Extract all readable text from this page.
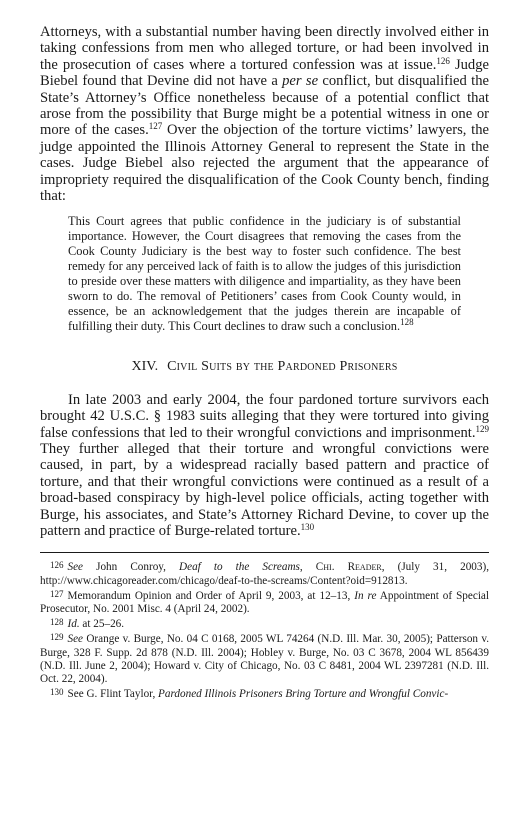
Attorneys, with a substantial number having been directly involved either in taking confessions from men who alleged torture, or had been involved in the prosecution of cases where a tortured confession was at issue.$^{126}$ Judge Biebel found that Devine did not have a per se conflict, but disqualified the State’s Attorney’s Office nonetheless because of a potential conflict that arose from the possibility that Burge might be a potential witness in one or more of the cases.$^{127}$ Over the objection of the torture victims’ lawyers, the judge appointed the Illinois Attorney General to represent the State in the cases. Judge Biebel also rejected the argument that the appearance of impropriety required the disqualification of the Cook County bench, finding that:

This Court agrees that public confidence in the judiciary is of substantial importance. However, the Court disagrees that removing the cases from the Cook County Judiciary is the best way to foster such confidence. The best remedy for any perceived lack of faith is to allow the judges of this jurisdiction to preside over these matters with diligence and impartiality, as they have been sworn to do. The removal of Petitioners’ cases from Cook County would, in essence, be an acknowledgement that the judges therein are incapable of fulfilling their duty. This Court declines to draw such a conclusion.$^{128}$

XIV. Civil Suits by the Pardoned Prisoners

In late 2003 and early 2004, the four pardoned torture survivors each brought 42 U.S.C. § 1983 suits alleging that they were tortured into giving false confessions that led to their wrongful convictions and imprisonment.$^{129}$ They further alleged that their torture and wrongful convictions were caused, in part, by a widespread racially based pattern and practice of torture, and that their wrongful convictions were continued as a result of a broad-based conspiracy by high-level police officials, acting together with Burge, his associates, and State’s Attorney Richard Devine, to cover up the pattern and practice of Burge-related torture.$^{130}$

126 See John Conroy, Deaf to the Screams, Chi. Reader, (July 31, 2003), http://www.chicagoreader.com/chicago/deaf-to-the-screams/Content?oid=912813.

127 Memorandum Opinion and Order of April 9, 2003, at 12–13, In re Appointment of Special Prosecutor, No. 2001 Misc. 4 (April 24, 2002).

128 Id. at 25–26.

129 See Orange v. Burge, No. 04 C 0168, 2005 WL 74264 (N.D. Ill. Mar. 30, 2005); Patterson v. Burge, 328 F. Supp. 2d 878 (N.D. Ill. 2004); Hobley v. Burge, No. 03 C 3678, 2004 WL 856439 (N.D. Ill. June 2, 2004); Howard v. City of Chicago, No. 03 C 8481, 2004 WL 2397281 (N.D. Ill. Oct. 22, 2004).

130 See G. Flint Taylor, Pardoned Illinois Prisoners Bring Torture and Wrongful Convic-
